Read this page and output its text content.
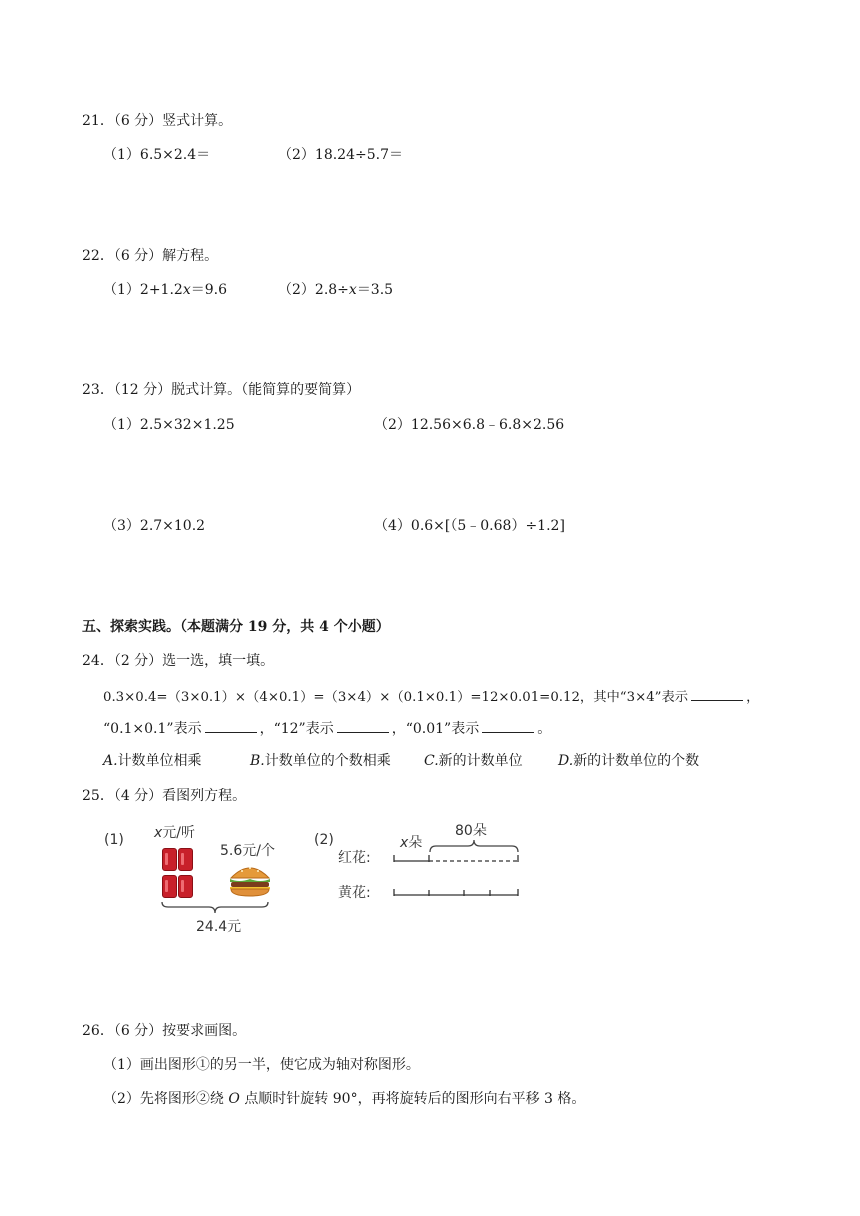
21．（6 分）竖式计算。
（1）6.5×2.4＝	（2）18.24÷5.7＝
22．（6 分）解方程。
（1）2+1.2x＝9.6	（2）2.8÷x＝3.5
23．（12 分）脱式计算。（能简算的要简算）
（1）2.5×32×1.25	（2）12.56×6.8﹣6.8×2.56
（3）2.7×10.2	（4）0.6×[（5﹣0.68）÷1.2]
五、探索实践。（本题满分 19 分，共 4 个小题）
24．（2 分）选一选，填一填。
0.3×0.4=（3×0.1）×（4×0.1）=（3×4）×（0.1×0.1）=12×0.01=0.12，其中“3×4”表示	，
“0.1×0.1”表示	，“12”表示	，“0.01”表示	。
A.计数单位相乘	B.计数单位的个数相乘 C.新的计数单位	D.新的计数单位的个数
25．（4 分）看图列方程。
(1) x元/听
5.6元/个
24.4元
(2)	x朵
80朵
红花:
黄花:
26．（6 分）按要求画图。
（1）画出图形①的另一半，使它成为轴对称图形。
（2）先将图形②绕 O 点顺时针旋转 90°，再将旋转后的图形向右平移 3 格。
